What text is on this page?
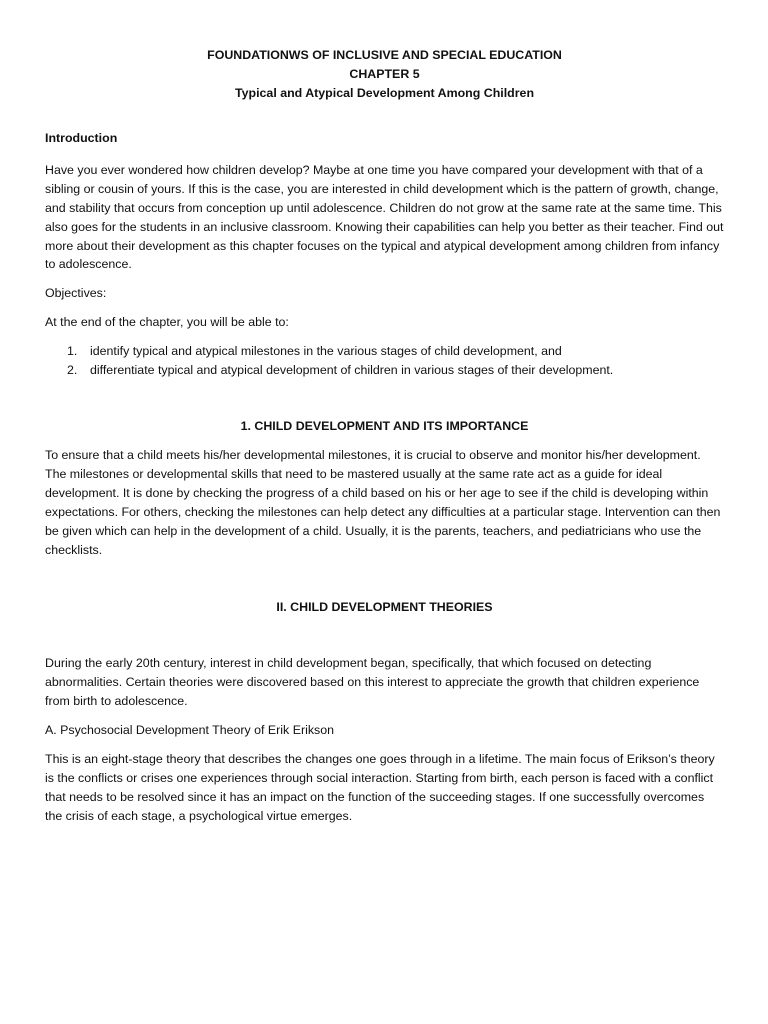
FOUNDATIONWS OF INCLUSIVE AND SPECIAL EDUCATION
CHAPTER 5
Typical and Atypical Development Among Children
Introduction

Have you ever wondered how children develop? Maybe at one time you have compared your development with that of a sibling or cousin of yours. If this is the case, you are interested in child development which is the pattern of growth, change, and stability that occurs from conception up until adolescence. Children do not grow at the same rate at the same time. This also goes for the students in an inclusive classroom. Knowing their capabilities can help you better as their teacher. Find out more about their development as this chapter focuses on the typical and atypical development among children from infancy to adolescence.

Objectives:

At the end of the chapter, you will be able to:

1.	identify typical and atypical milestones in the various stages of child development, and
2.	differentiate typical and atypical development of children in various stages of their development.
1. CHILD DEVELOPMENT AND ITS IMPORTANCE

To ensure that a child meets his/her developmental milestones, it is crucial to observe and monitor his/her development. The milestones or developmental skills that need to be mastered usually at the same rate act as a guide for ideal development. It is done by checking the progress of a child based on his or her age to see if the child is developing within expectations. For others, checking the milestones can help detect any difficulties at a particular stage. Intervention can then be given which can help in the development of a child. Usually, it is the parents, teachers, and pediatricians who use the checklists.

II. CHILD DEVELOPMENT THEORIES

During the early 20th century, interest in child development began, specifically, that which focused on detecting abnormalities. Certain theories were discovered based on this interest to appreciate the growth that children experience from birth to adolescence.

A. Psychosocial Development Theory of Erik Erikson

This is an eight-stage theory that describes the changes one goes through in a lifetime. The main focus of Erikson’s theory is the conflicts or crises one experiences through social interaction. Starting from birth, each person is faced with a conflict that needs to be resolved since it has an impact on the function of the succeeding stages. If one successfully overcomes the crisis of each stage, a psychological virtue emerges.
